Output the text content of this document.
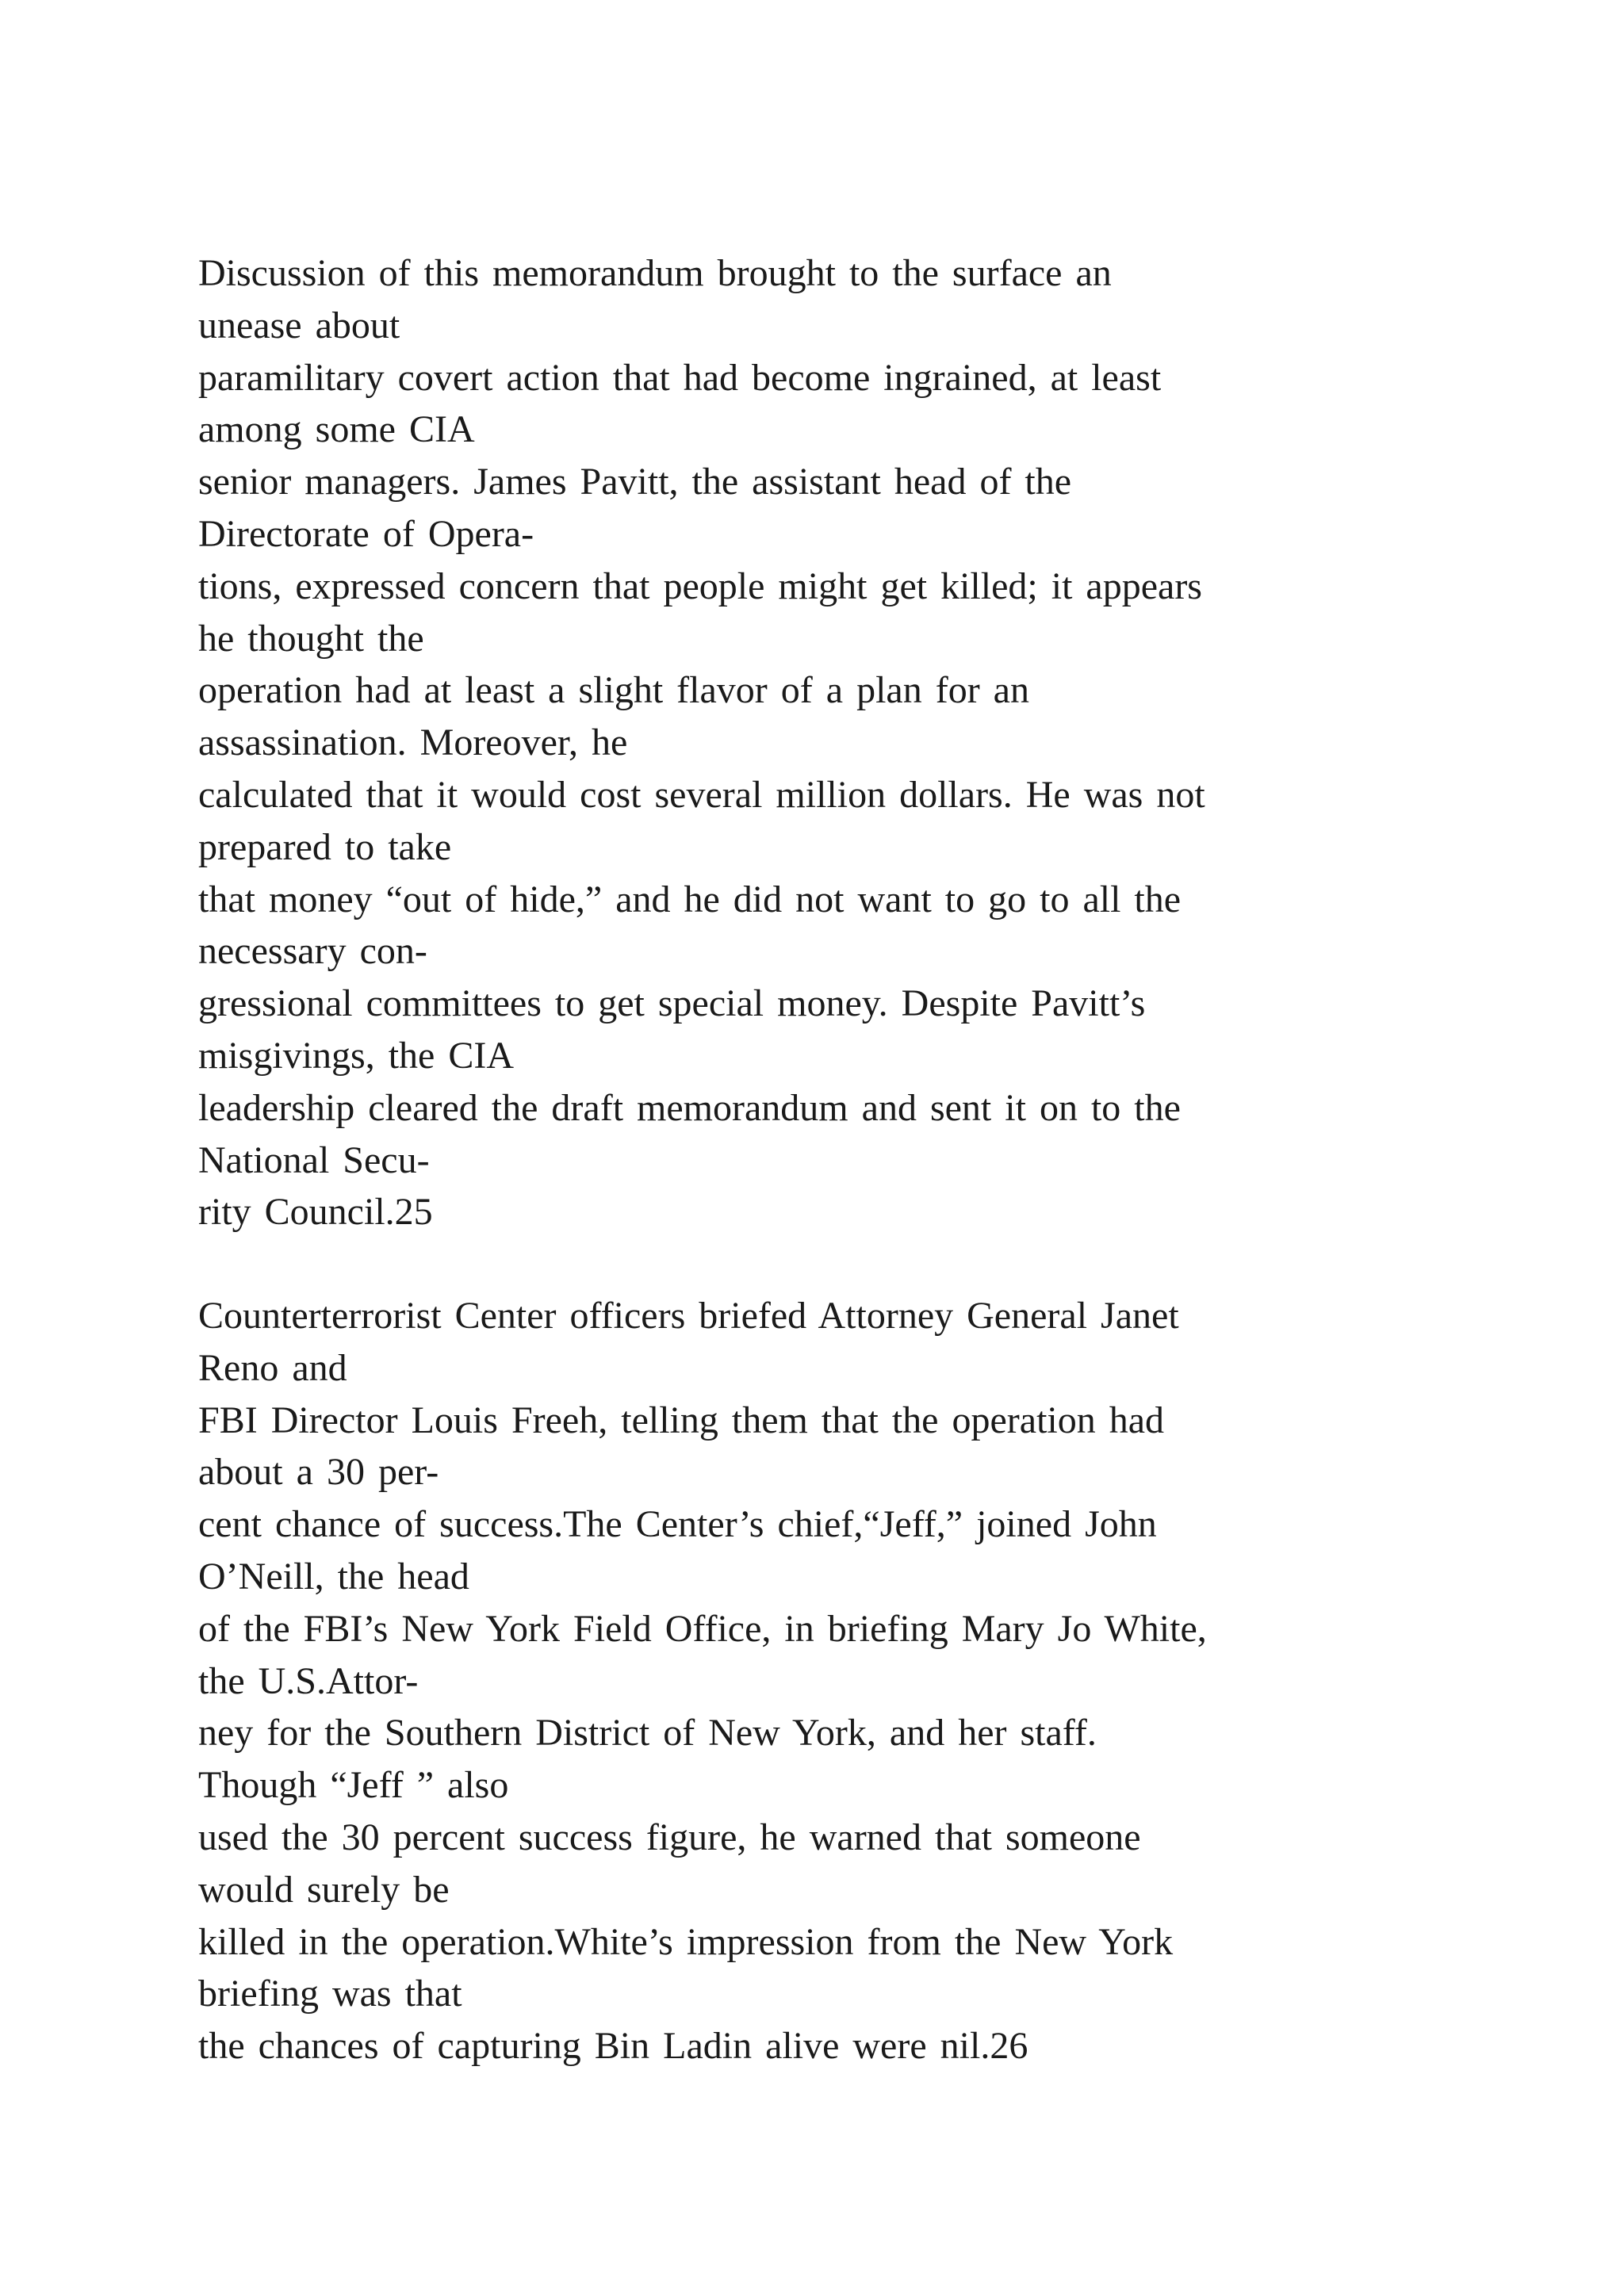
Discussion of this memorandum brought to the surface an
unease about
paramilitary covert action that had become ingrained, at least
among some CIA
senior managers. James Pavitt, the assistant head of the
Directorate of Opera-
tions, expressed concern that people might get killed; it appears
he thought the
operation had at least a slight flavor of a plan for an
assassination. Moreover, he
calculated that it would cost several million dollars. He was not
prepared to take
that money “out of hide,” and he did not want to go to all the
necessary con-
gressional committees to get special money. Despite Pavitt’s
misgivings, the CIA
leadership cleared the draft memorandum and sent it on to the
National Secu-
rity Council.25

Counterterrorist Center officers briefed Attorney General Janet
Reno and
FBI Director Louis Freeh, telling them that the operation had
about a 30 per-
cent chance of success.The Center’s chief,“Jeff,” joined John
O’Neill, the head
of the FBI’s New York Field Office, in briefing Mary Jo White,
the U.S.Attor-
ney for the Southern District of New York, and her staff.
Though “Jeff ” also
used the 30 percent success figure, he warned that someone
would surely be
killed in the operation.White’s impression from the New York
briefing was that
the chances of capturing Bin Ladin alive were nil.26
